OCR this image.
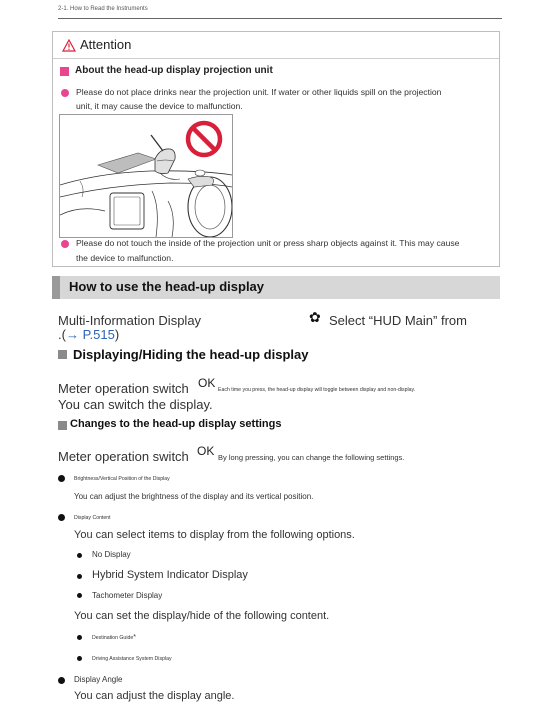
2-1. How to Read the Instruments
Attention
About the head-up display projection unit
Please do not place drinks near the projection unit. If water or other liquids spill on the projection
unit, it may cause the device to malfunction.
Please do not touch the inside of the projection unit or press sharp objects against it. This may cause
the device to malfunction.
How to use the head-up display
Multi-Information Display
.(→ P.515)
✿ Select “HUD Main” from
Displaying/Hiding the head-up display
Meter operation switch OK Each time you press, the head-up display will toggle between display and non-display.
You can switch the display.
Changes to the head-up display settings
Meter operation switch OK By long pressing, you can change the following settings.
Brightness/Vertical Position of the Display
You can adjust the brightness of the display and its vertical position.
Display Content
You can select items to display from the following options.
No Display
Hybrid System Indicator Display
Tachometer Display
You can set the display/hide of the following content.
Destination Guide*
Driving Assistance System Display
Display Angle
You can adjust the display angle.
